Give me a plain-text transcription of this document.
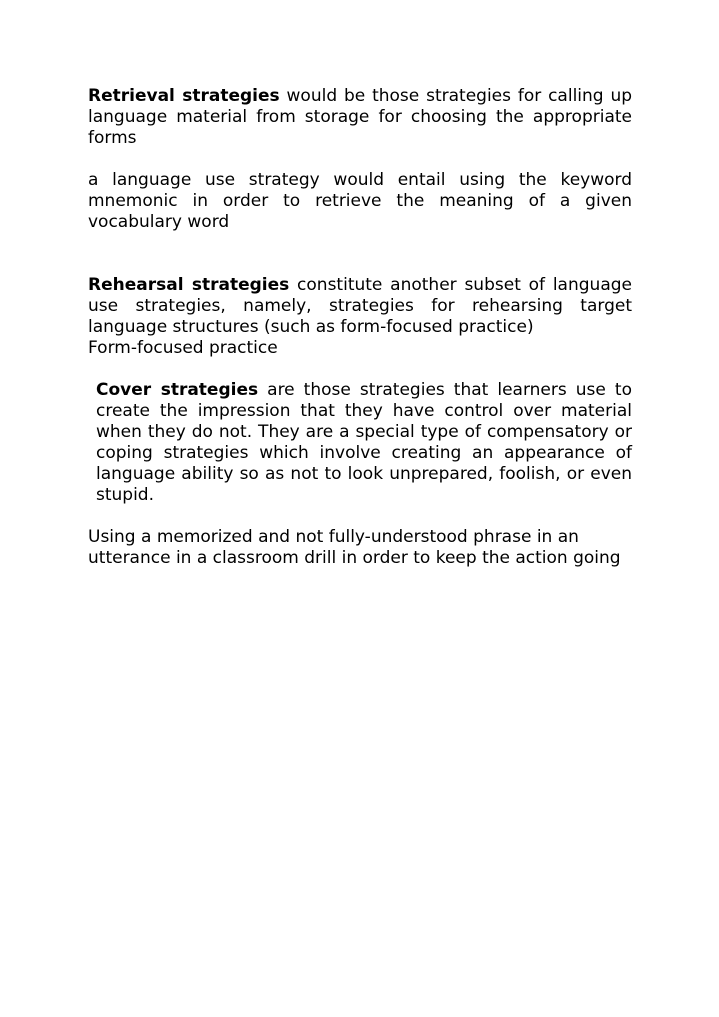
Retrieval strategies would be those strategies for calling up language material from storage for choosing the appropriate forms

a language use strategy would entail using the keyword mnemonic in order to retrieve the meaning of a given vocabulary word

Rehearsal strategies constitute another subset of language use strategies, namely, strategies for rehearsing target language structures (such as form-focused practice)

Form-focused practice

Cover strategies are those strategies that learners use to create the impression that they have control over material when they do not. They are a special type of compensatory or coping strategies which involve creating an appearance of language ability so as not to look unprepared, foolish, or even stupid.

Using a memorized and not fully-understood phrase in an utterance in a classroom drill in order to keep the action going
